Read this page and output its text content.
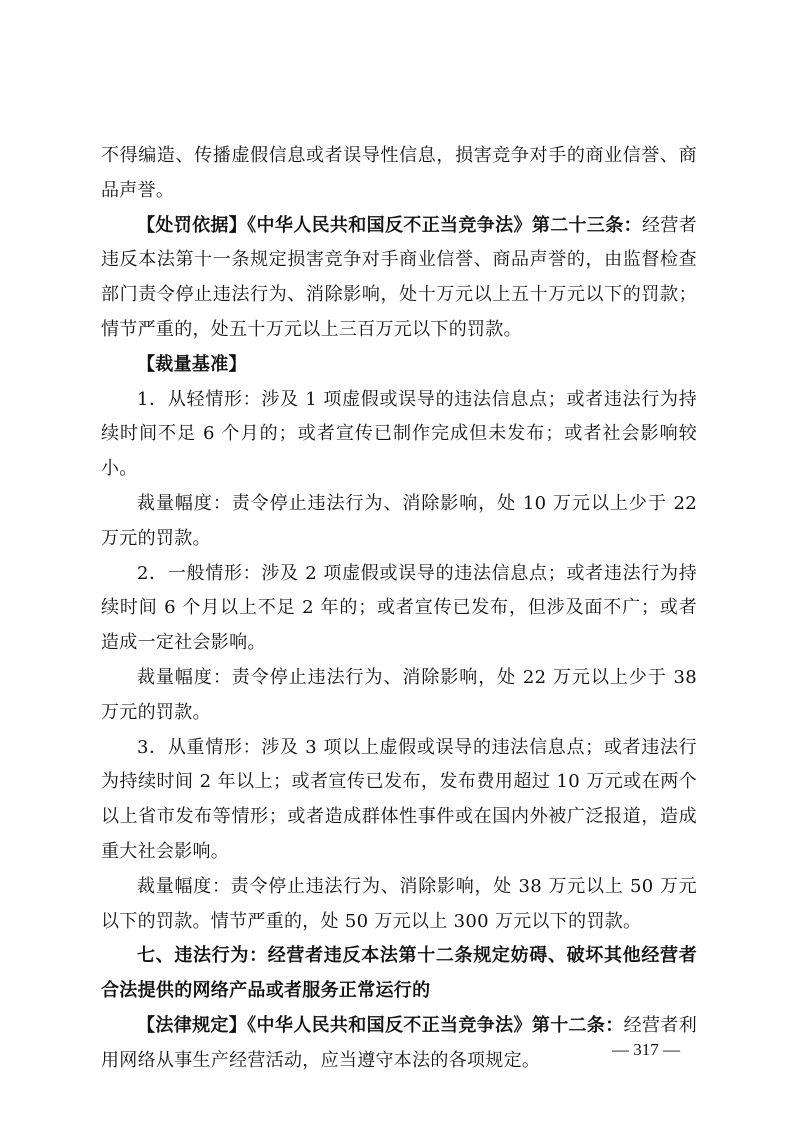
不得编造、传播虚假信息或者误导性信息，损害竞争对手的商业信誉、商品声誉。

【处罚依据】《中华人民共和国反不正当竞争法》第二十三条：经营者违反本法第十一条规定损害竞争对手商业信誉、商品声誉的，由监督检查部门责令停止违法行为、消除影响，处十万元以上五十万元以下的罚款；情节严重的，处五十万元以上三百万元以下的罚款。

【裁量基准】

1．从轻情形：涉及 1 项虚假或误导的违法信息点；或者违法行为持续时间不足 6 个月的；或者宣传已制作完成但未发布；或者社会影响较小。

裁量幅度：责令停止违法行为、消除影响，处 10 万元以上少于 22 万元的罚款。

2．一般情形：涉及 2 项虚假或误导的违法信息点；或者违法行为持续时间 6 个月以上不足 2 年的；或者宣传已发布，但涉及面不广；或者造成一定社会影响。

裁量幅度：责令停止违法行为、消除影响，处 22 万元以上少于 38 万元的罚款。

3．从重情形：涉及 3 项以上虚假或误导的违法信息点；或者违法行为持续时间 2 年以上；或者宣传已发布，发布费用超过 10 万元或在两个以上省市发布等情形；或者造成群体性事件或在国内外被广泛报道，造成重大社会影响。

裁量幅度：责令停止违法行为、消除影响，处 38 万元以上 50 万元以下的罚款。情节严重的，处 50 万元以上 300 万元以下的罚款。

七、违法行为：经营者违反本法第十二条规定妨碍、破坏其他经营者合法提供的网络产品或者服务正常运行的

【法律规定】《中华人民共和国反不正当竞争法》第十二条：经营者利用网络从事生产经营活动，应当遵守本法的各项规定。

— 317 —
